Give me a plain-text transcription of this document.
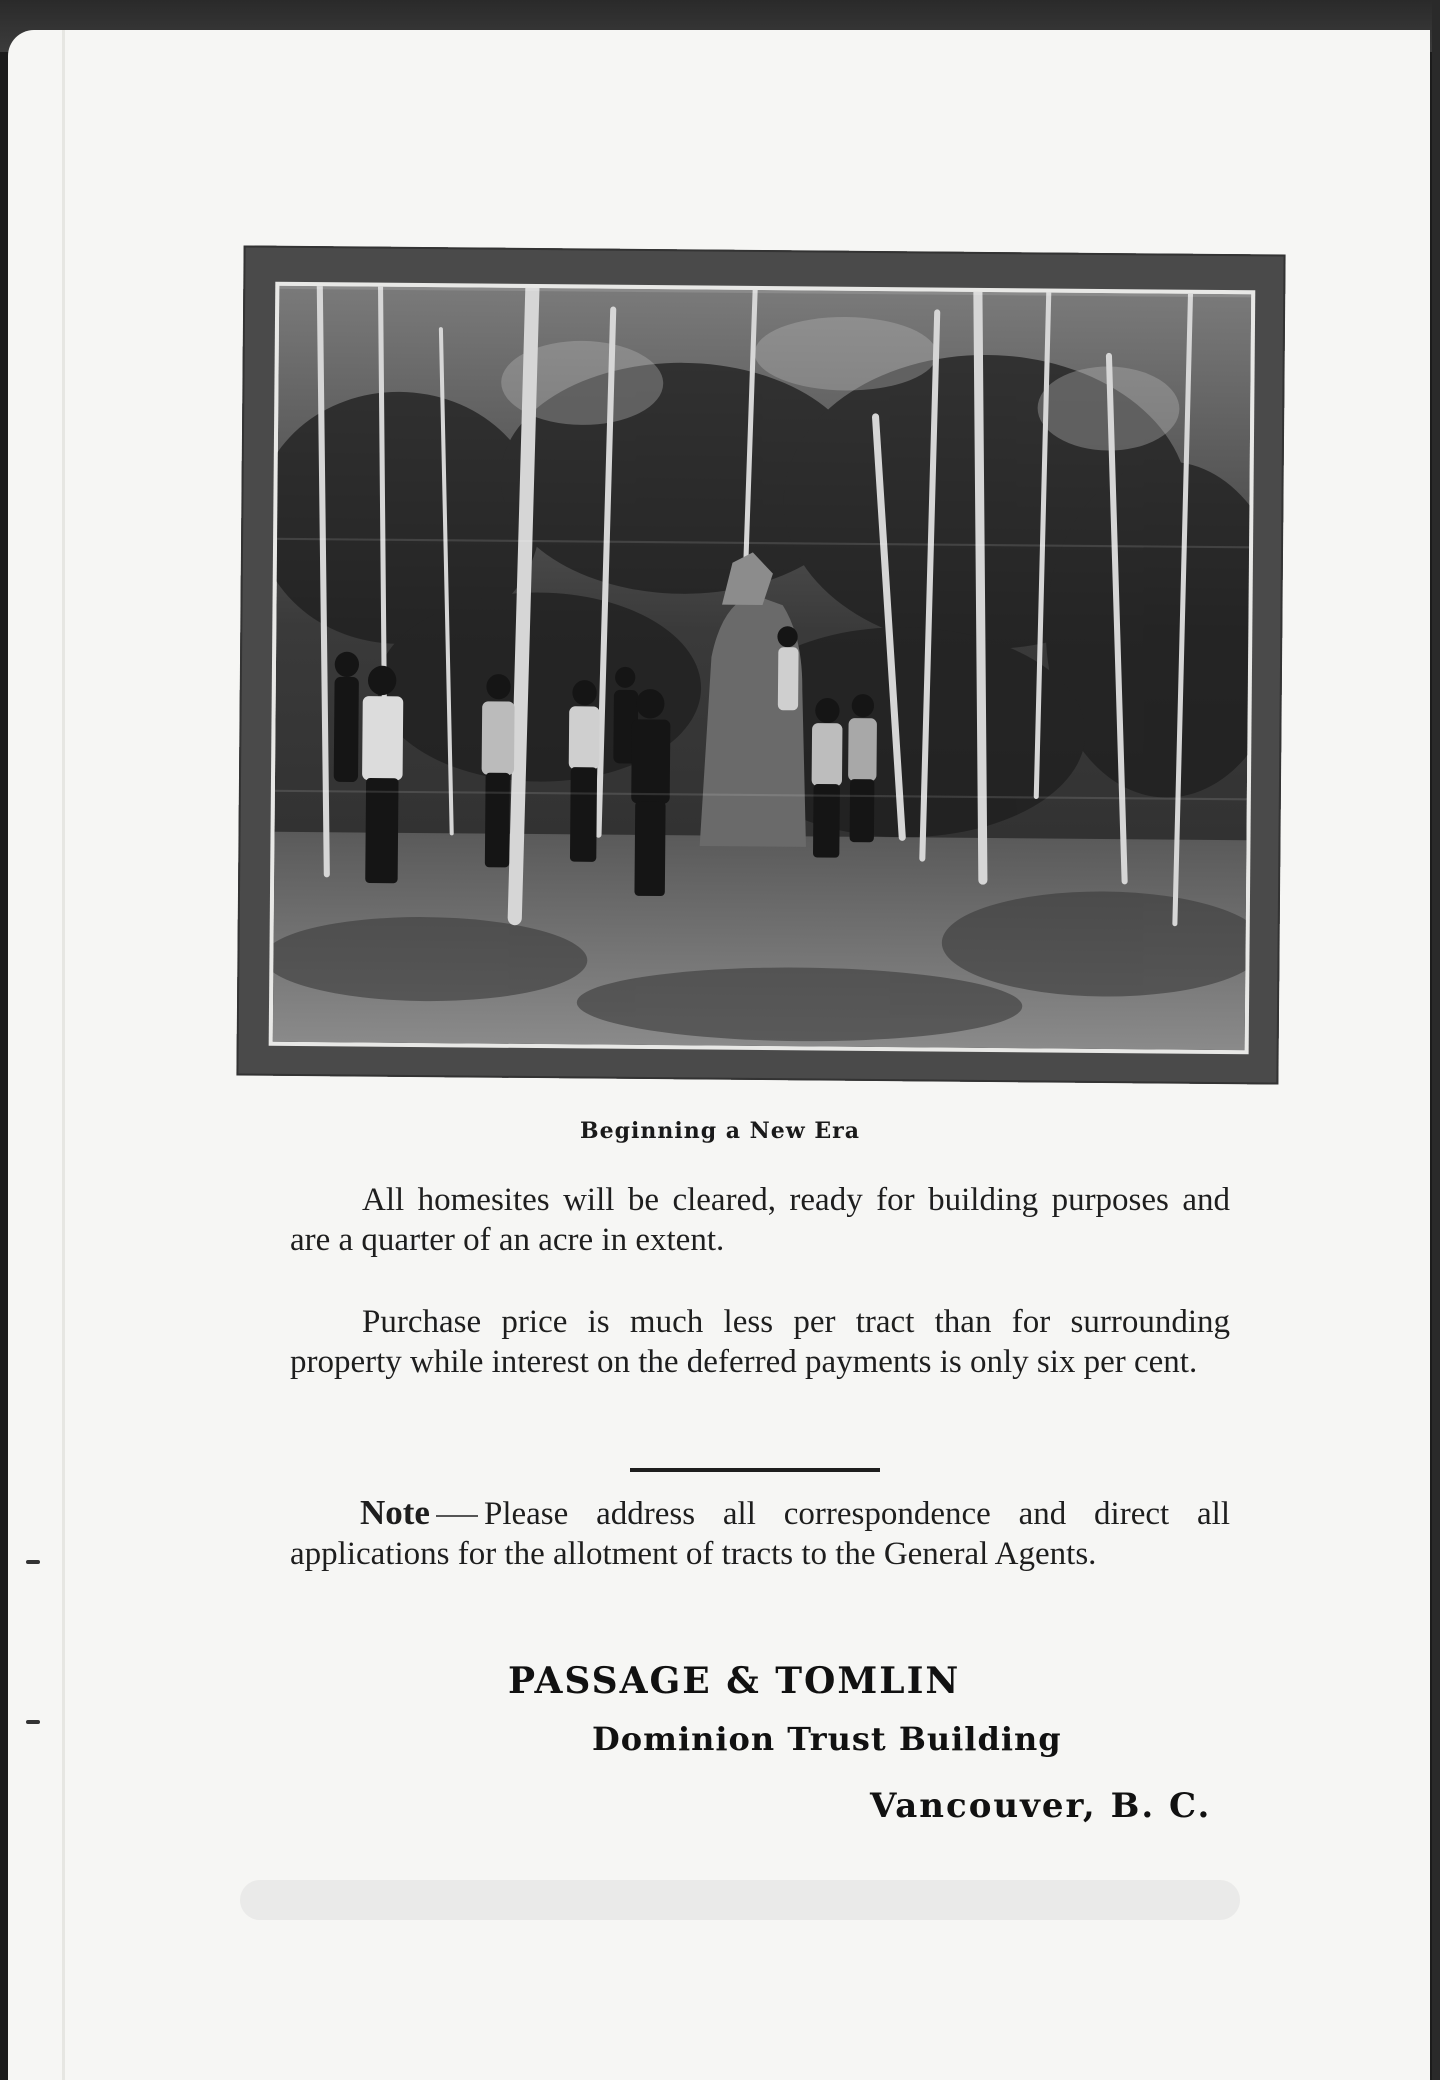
Beginning a New Era

All homesites will be cleared, ready for building purposes and are a quarter of an acre in extent.

Purchase price is much less per tract than for surrounding property while interest on the deferred payments is only six per cent.

Note Please address all correspondence and direct all applications for the allotment of tracts to the General Agents.

PASSAGE & TOMLIN
Dominion Trust Building
Vancouver, B. C.
